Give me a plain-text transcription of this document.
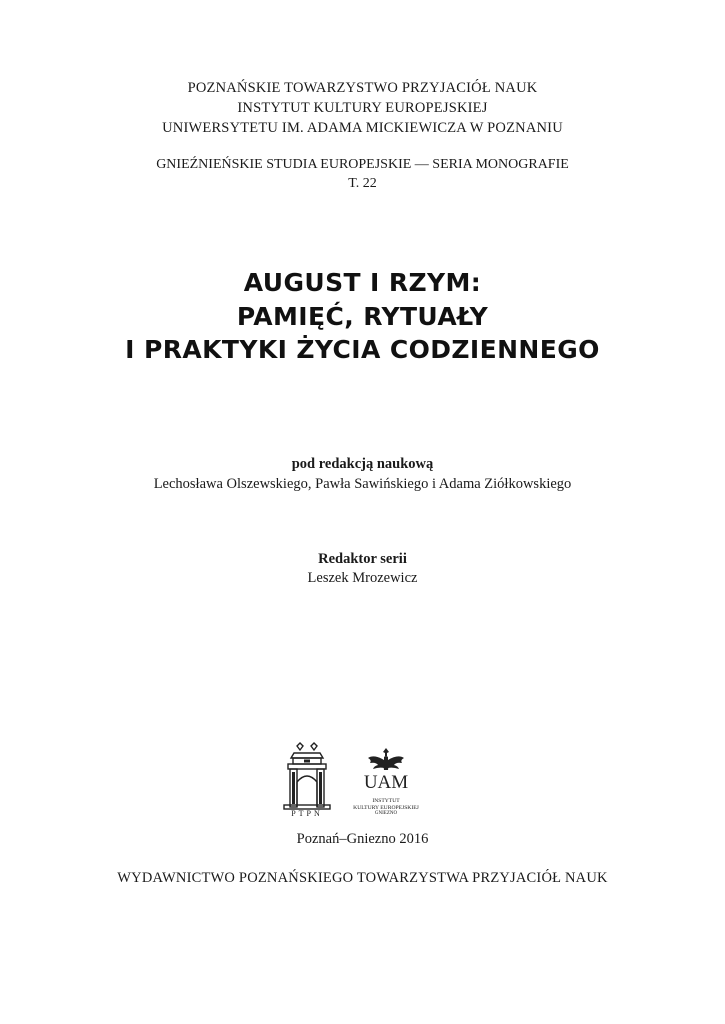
POZNAŃSKIE TOWARZYSTWO PRZYJACIÓŁ NAUK
INSTYTUT KULTURY EUROPEJSKIEJ
UNIWERSYTETU IM. ADAMA MICKIEWICZA W POZNANIU
GNIEŹNIEŃSKIE STUDIA EUROPEJSKIE — SERIA MONOGRAFIE
T. 22
AUGUST I RZYM:
PAMIĘĆ, RYTUAŁY
I PRAKTYKI ŻYCIA CODZIENNEGO
pod redakcją naukową
Lechosława Olszewskiego, Pawła Sawińskiego i Adama Ziółkowskiego
Redaktor serii
Leszek Mrozewicz
PTPN
UAM
INSTYTUT
KULTURY EUROPEJSKIEJ
GNIEZNO
Poznań–Gniezno 2016
WYDAWNICTWO POZNAŃSKIEGO TOWARZYSTWA PRZYJACIÓŁ NAUK
